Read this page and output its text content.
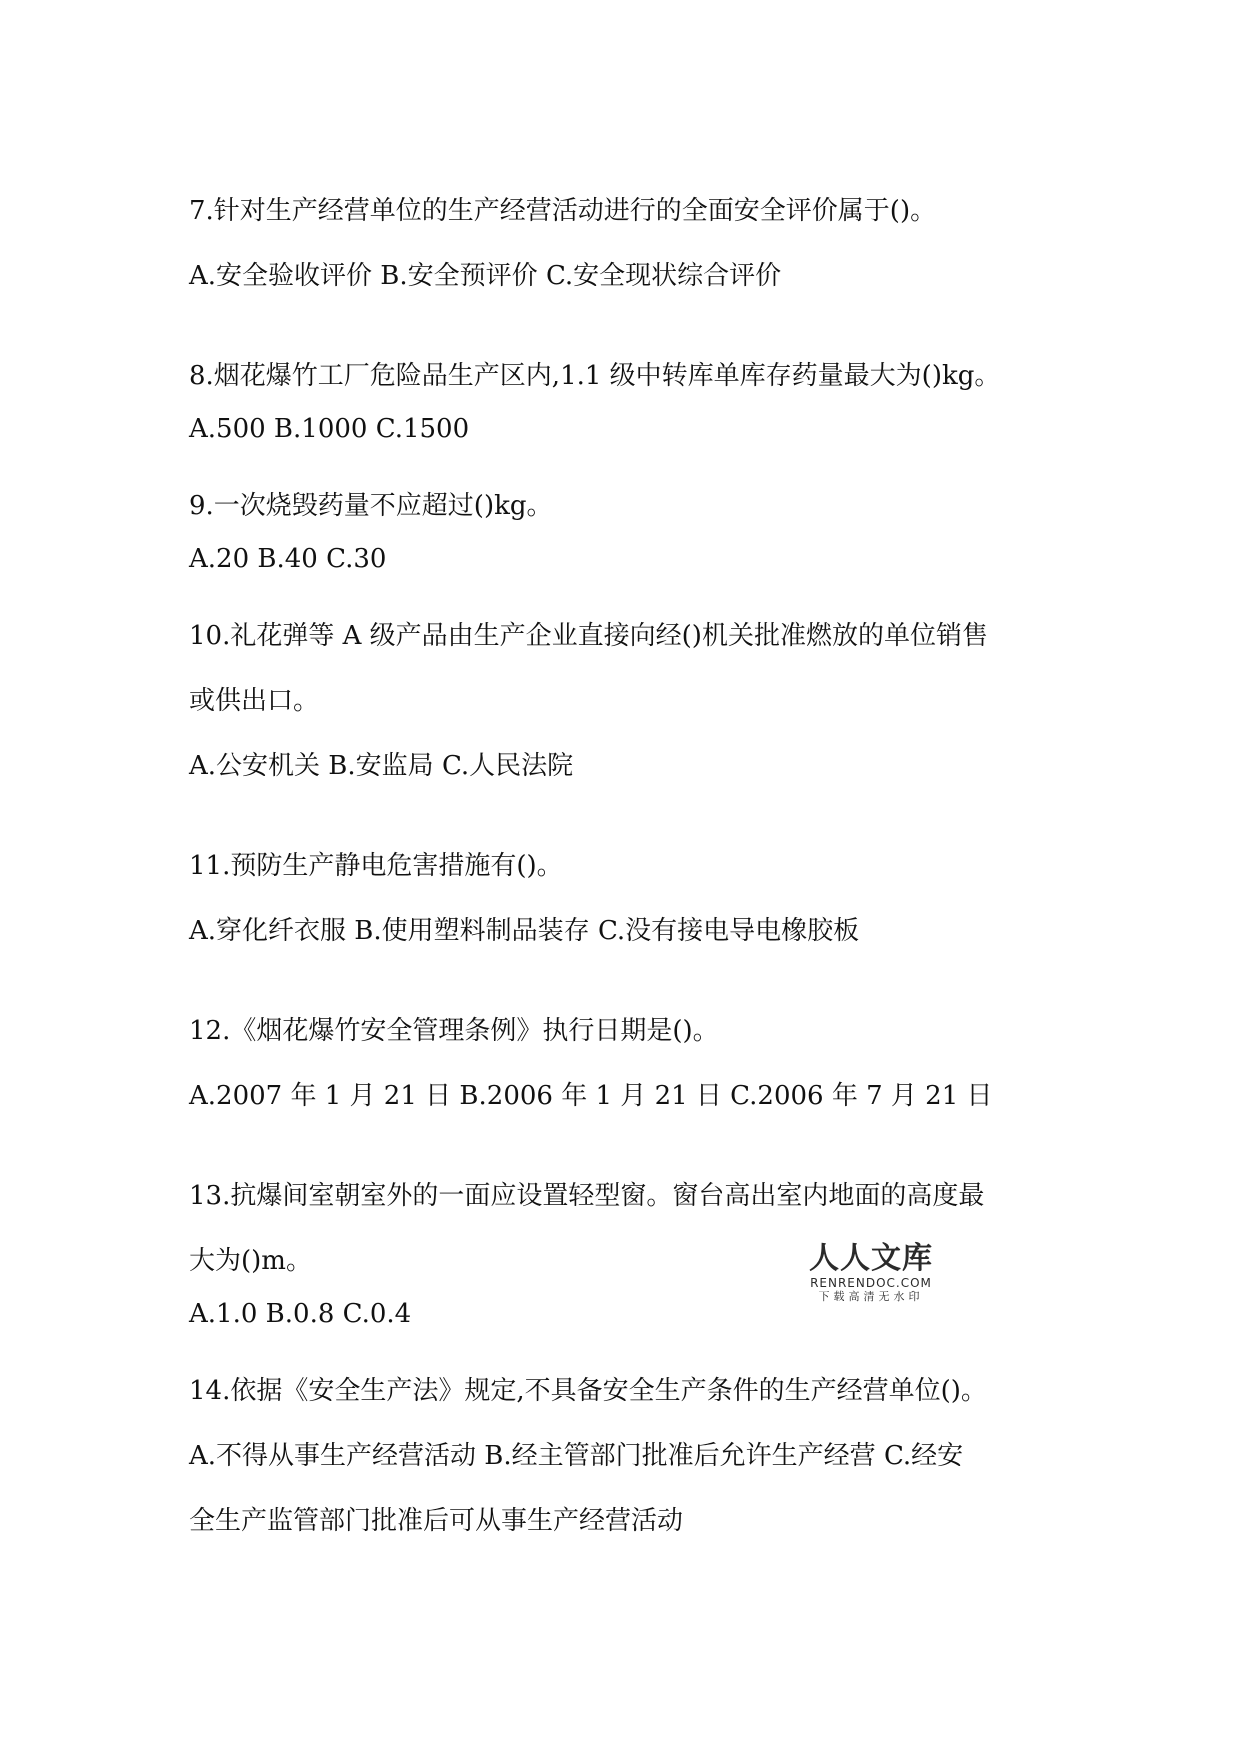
7.针对生产经营单位的生产经营活动进行的全面安全评价属于()。
A.安全验收评价 B.安全预评价 C.安全现状综合评价
8.烟花爆竹工厂危险品生产区内,1.1 级中转库单库存药量最大为()kg。
A.500 B.1000 C.1500
9.一次烧毁药量不应超过()kg。
A.20 B.40 C.30
10.礼花弹等 A 级产品由生产企业直接向经()机关批准燃放的单位销售
或供出口。
A.公安机关 B.安监局 C.人民法院
11.预防生产静电危害措施有()。
A.穿化纤衣服 B.使用塑料制品装存 C.没有接电导电橡胶板
12.《烟花爆竹安全管理条例》执行日期是()。
A.2007 年 1 月 21 日 B.2006 年 1 月 21 日 C.2006 年 7 月 21 日
13.抗爆间室朝室外的一面应设置轻型窗。窗台高出室内地面的高度最
大为()m。
A.1.0 B.0.8 C.0.4
14.依据《安全生产法》规定,不具备安全生产条件的生产经营单位()。
A.不得从事生产经营活动 B.经主管部门批准后允许生产经营 C.经安
全生产监管部门批准后可从事生产经营活动
人人文库
RENRENDOC.COM
下载高清无水印
